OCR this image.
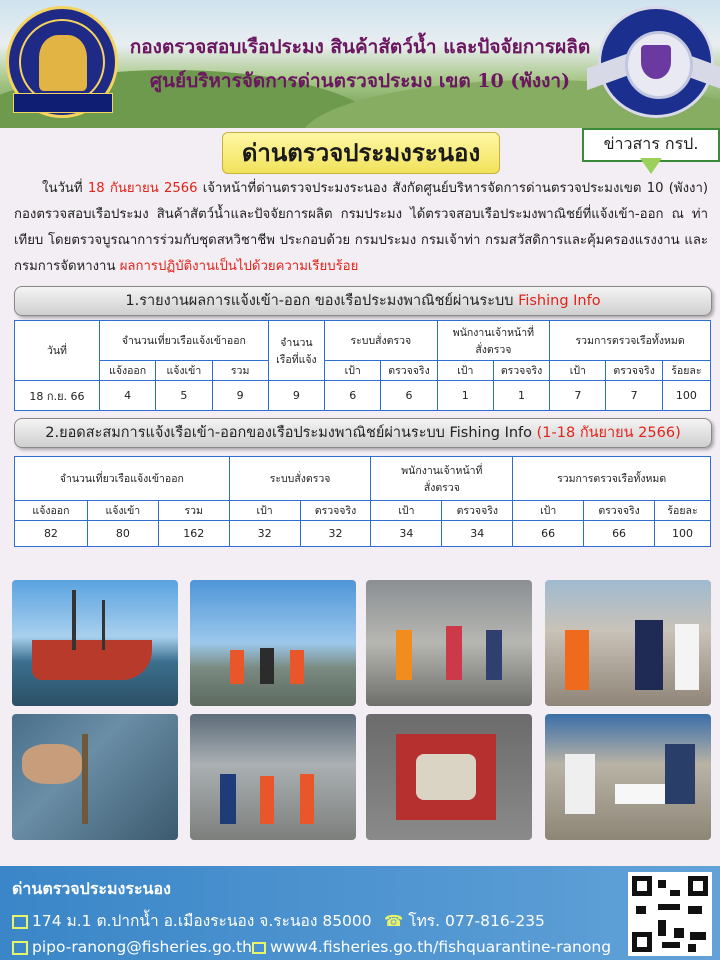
กองตรวจสอบเรือประมง สินค้าสัตว์น้ำ และปัจจัยการผลิต
ศูนย์บริหารจัดการด่านตรวจประมง เขต 10 (พังงา)
ด่านตรวจประมงระนอง	ข่าวสาร กรป.
ในวันที่ 18 กันยายน 2566 เจ้าหน้าที่ด่านตรวจประมงระนอง สังกัดศูนย์บริหารจัดการด่านตรวจประมงเขต 10 (พังงา) กองตรวจสอบเรือประมง สินค้าสัตว์น้ำและปัจจัยการผลิต กรมประมง ได้ตรวจสอบเรือประมงพาณิชย์ที่แจ้งเข้า-ออก ณ ท่าเทียบ โดยตรวจบูรณาการร่วมกับชุดสหวิชาชีพ ประกอบด้วย กรมประมง กรมเจ้าท่า กรมสวัสดิการและคุ้มครองแรงงาน และกรมการจัดหางาน ผลการปฏิบัติงานเป็นไปด้วยความเรียบร้อย
1.รายงานผลการแจ้งเข้า-ออก ของเรือประมงพาณิชย์ผ่านระบบ Fishing Info
วันที่	จำนวนเที่ยวเรือแจ้งเข้าออก			จำนวน
เรือที่แจ้ง	ระบบสั่งตรวจ		พนักงานเจ้าหน้าที่
สั่งตรวจ		รวมการตรวจเรือทั้งหมด		
	แจ้งออก	แจ้งเข้า	รวม		เป้า	ตรวจจริง	เป้า	ตรวจจริง	เป้า	ตรวจจริง	ร้อยละ
18 ก.ย. 66	4	5	9	9	6	6	1	1	7	7	100
2.ยอดสะสมการแจ้งเรือเข้า-ออกของเรือประมงพาณิชย์ผ่านระบบ Fishing Info (1-18 กันยายน 2566)
จำนวนเที่ยวเรือแจ้งเข้าออก			ระบบสั่งตรวจ		พนักงานเจ้าหน้าที่
สั่งตรวจ		รวมการตรวจเรือทั้งหมด		
แจ้งออก	แจ้งเข้า	รวม	เป้า	ตรวจจริง	เป้า	ตรวจจริง	เป้า	ตรวจจริง	ร้อยละ
82	80	162	32	32	34	34	66	66	100
ด่านตรวจประมงระนอง
174 ม.1 ต.ปากน้ำ อ.เมืองระนอง จ.ระนอง 85000 ☎ โทร. 077-816-235
pipo-ranong@fisheries.go.th	www4.fisheries.go.th/fishquarantine-ranong
